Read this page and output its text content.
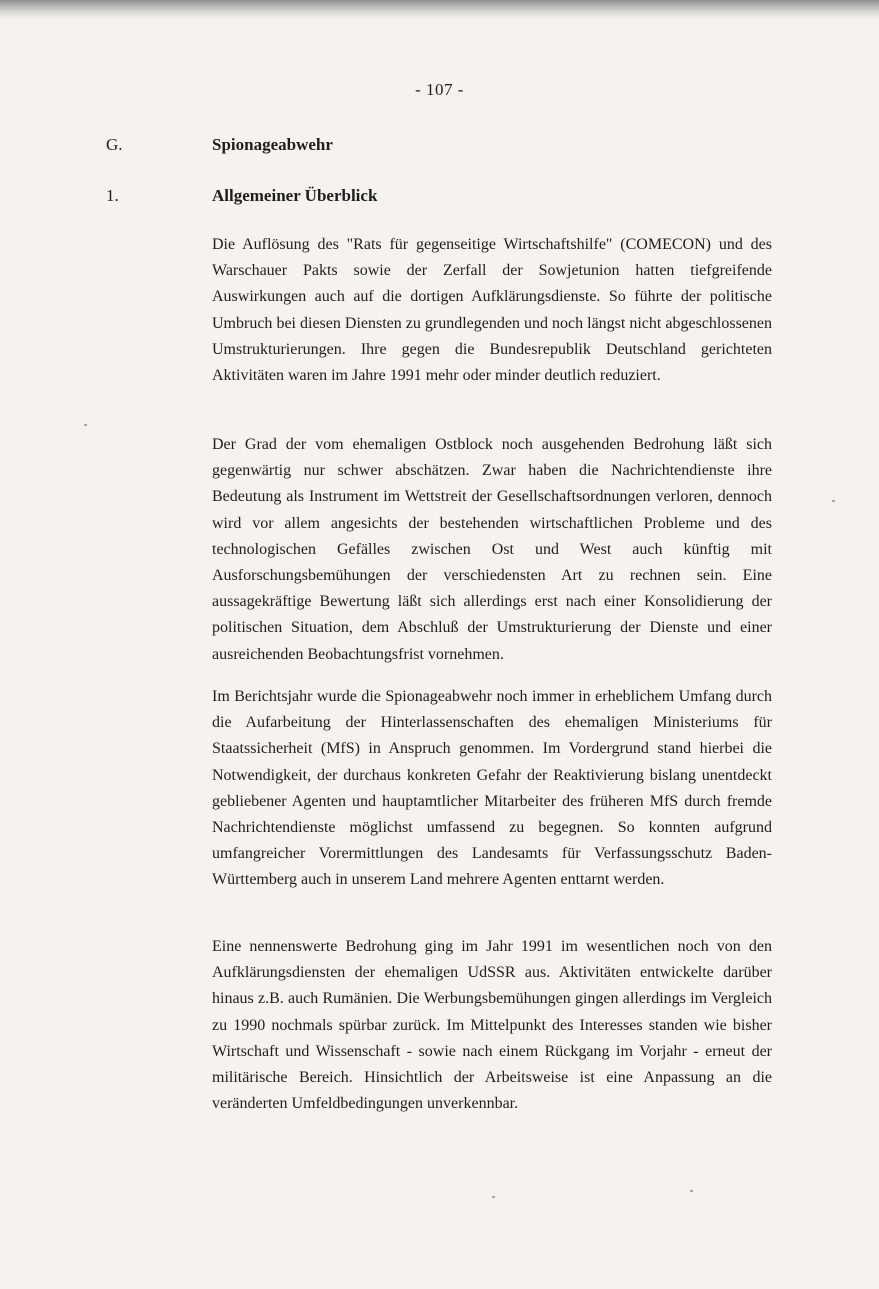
- 107 -
G.	Spionageabwehr
1.	Allgemeiner Überblick

Die Auflösung des "Rats für gegenseitige Wirtschaftshilfe" (COMECON) und des Warschauer Pakts sowie der Zerfall der Sowjetunion hatten tiefgreifende Auswirkungen auch auf die dortigen Aufklärungsdienste. So führte der politische Umbruch bei diesen Diensten zu grundlegenden und noch längst nicht abgeschlossenen Umstrukturierungen. Ihre gegen die Bundesrepublik Deutschland gerichteten Aktivitäten waren im Jahre 1991 mehr oder minder deutlich reduziert.

Der Grad der vom ehemaligen Ostblock noch ausgehenden Bedrohung läßt sich gegenwärtig nur schwer abschätzen. Zwar haben die Nachrichtendienste ihre Bedeutung als Instrument im Wettstreit der Gesellschaftsordnungen verloren, dennoch wird vor allem angesichts der bestehenden wirtschaftlichen Probleme und des technologischen Gefälles zwischen Ost und West auch künftig mit Ausforschungsbemühungen der verschiedensten Art zu rechnen sein. Eine aussagekräftige Bewertung läßt sich allerdings erst nach einer Konsolidierung der politischen Situation, dem Abschluß der Umstrukturierung der Dienste und einer ausreichenden Beobachtungsfrist vornehmen.

Im Berichtsjahr wurde die Spionageabwehr noch immer in erheblichem Umfang durch die Aufarbeitung der Hinterlassenschaften des ehemaligen Ministeriums für Staatssicherheit (MfS) in Anspruch genommen. Im Vordergrund stand hierbei die Notwendigkeit, der durchaus konkreten Gefahr der Reaktivierung bislang unentdeckt gebliebener Agenten und hauptamtlicher Mitarbeiter des früheren MfS durch fremde Nachrichtendienste möglichst umfassend zu begegnen. So konnten aufgrund umfangreicher Vorermittlungen des Landesamts für Verfassungsschutz Baden-Württemberg auch in unserem Land mehrere Agenten enttarnt werden.

Eine nennenswerte Bedrohung ging im Jahr 1991 im wesentlichen noch von den Aufklärungsdiensten der ehemaligen UdSSR aus. Aktivitäten entwickelte darüber hinaus z.B. auch Rumänien. Die Werbungsbemühungen gingen allerdings im Vergleich zu 1990 nochmals spürbar zurück. Im Mittelpunkt des Interesses standen wie bisher Wirtschaft und Wissenschaft - sowie nach einem Rückgang im Vorjahr - erneut der militärische Bereich. Hinsichtlich der Arbeitsweise ist eine Anpassung an die veränderten Umfeldbedingungen unverkennbar.
